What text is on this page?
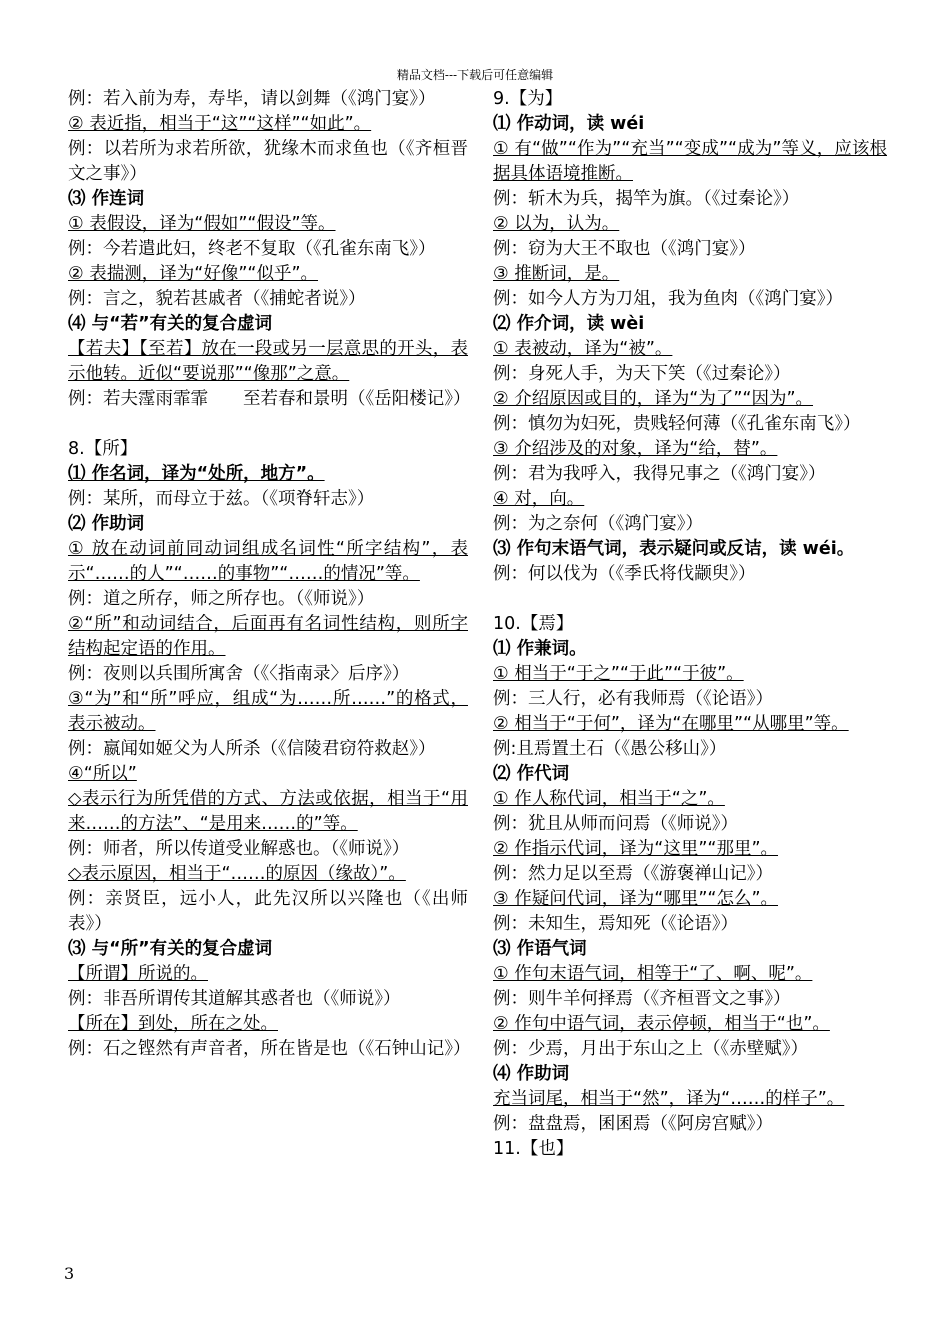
精品文档---下载后可任意编辑
例：若入前为寿，寿毕，请以剑舞（《鸿门宴》）
② 表近指，相当于“这”“这样”“如此”。
例：以若所为求若所欲，犹缘木而求鱼也（《齐桓晋文之事》）
⑶ 作连词
① 表假设，译为“假如”“假设”等。
例：今若遣此妇，终老不复取（《孔雀东南飞》）
② 表揣测，译为“好像”“似乎”。
例：言之，貌若甚戚者（《捕蛇者说》）
⑷ 与“若”有关的复合虚词
【若夫】【至若】放在一段或另一层意思的开头，表示他转。近似“要说那”“像那”之意。
例：若夫霪雨霏霏　　至若春和景明（《岳阳楼记》）
8.【所】
⑴ 作名词，译为“处所，地方”。
例：某所，而母立于兹。（《项脊轩志》）
⑵ 作助词
① 放在动词前同动词组成名词性“所字结构”，表示“……的人”“……的事物”“……的情况”等。
例：道之所存，师之所存也。（《师说》）
②“所”和动词结合，后面再有名词性结构，则所字结构起定语的作用。
例：夜则以兵围所寓舍（《〈指南录〉后序》）
③“为”和“所”呼应，组成“为……所……”的格式，表示被动。
例：嬴闻如姬父为人所杀（《信陵君窃符救赵》）
④“所以”
◇表示行为所凭借的方式、方法或依据，相当于“用来……的方法”、“是用来……的”等。
例：师者，所以传道受业解惑也。（《师说》）
◇表示原因，相当于“……的原因（缘故）”。
例：亲贤臣，远小人，此先汉所以兴隆也（《出师表》）
⑶ 与“所”有关的复合虚词
【所谓】所说的。
例：非吾所谓传其道解其惑者也（《师说》）
【所在】到处，所在之处。
例：石之铿然有声音者，所在皆是也（《石钟山记》）
9.【为】
⑴ 作动词，读 wéi
① 有“做”“作为”“充当”“变成”“成为”等义，应该根据具体语境推断。
例：斩木为兵，揭竿为旗。（《过秦论》）
② 以为，认为。
例：窃为大王不取也（《鸿门宴》）
③ 推断词，是。
例：如今人方为刀俎，我为鱼肉（《鸿门宴》）
⑵ 作介词，读 wèi
① 表被动，译为“被”。
例：身死人手，为天下笑（《过秦论》）
② 介绍原因或目的，译为“为了”“因为”。
例：慎勿为妇死，贵贱轻何薄（《孔雀东南飞》）
③ 介绍涉及的对象，译为“给，替”。
例：君为我呼入，我得兄事之（《鸿门宴》）
④ 对，向。
例：为之奈何（《鸿门宴》）
⑶ 作句末语气词，表示疑问或反诘，读 wéi。
例：何以伐为（《季氏将伐颛臾》）
10.【焉】
⑴ 作兼词。
① 相当于“于之”“于此”“于彼”。
例：三人行，必有我师焉（《论语》）
② 相当于“于何”，译为“在哪里”“从哪里”等。
例:且焉置土石（《愚公移山》）
⑵ 作代词
① 作人称代词，相当于“之”。
例：犹且从师而问焉（《师说》）
② 作指示代词，译为“这里”“那里”。
例：然力足以至焉（《游褒禅山记》）
③ 作疑问代词，译为“哪里”“怎么”。
例：未知生，焉知死（《论语》）
⑶ 作语气词
① 作句末语气词，相等于“了、啊、呢”。
例：则牛羊何择焉（《齐桓晋文之事》）
② 作句中语气词，表示停顿，相当于“也”。
例：少焉，月出于东山之上（《赤壁赋》）
⑷ 作助词
充当词尾，相当于“然”，译为“……的样子”。
例：盘盘焉，囷囷焉（《阿房宫赋》）
11.【也】
3
